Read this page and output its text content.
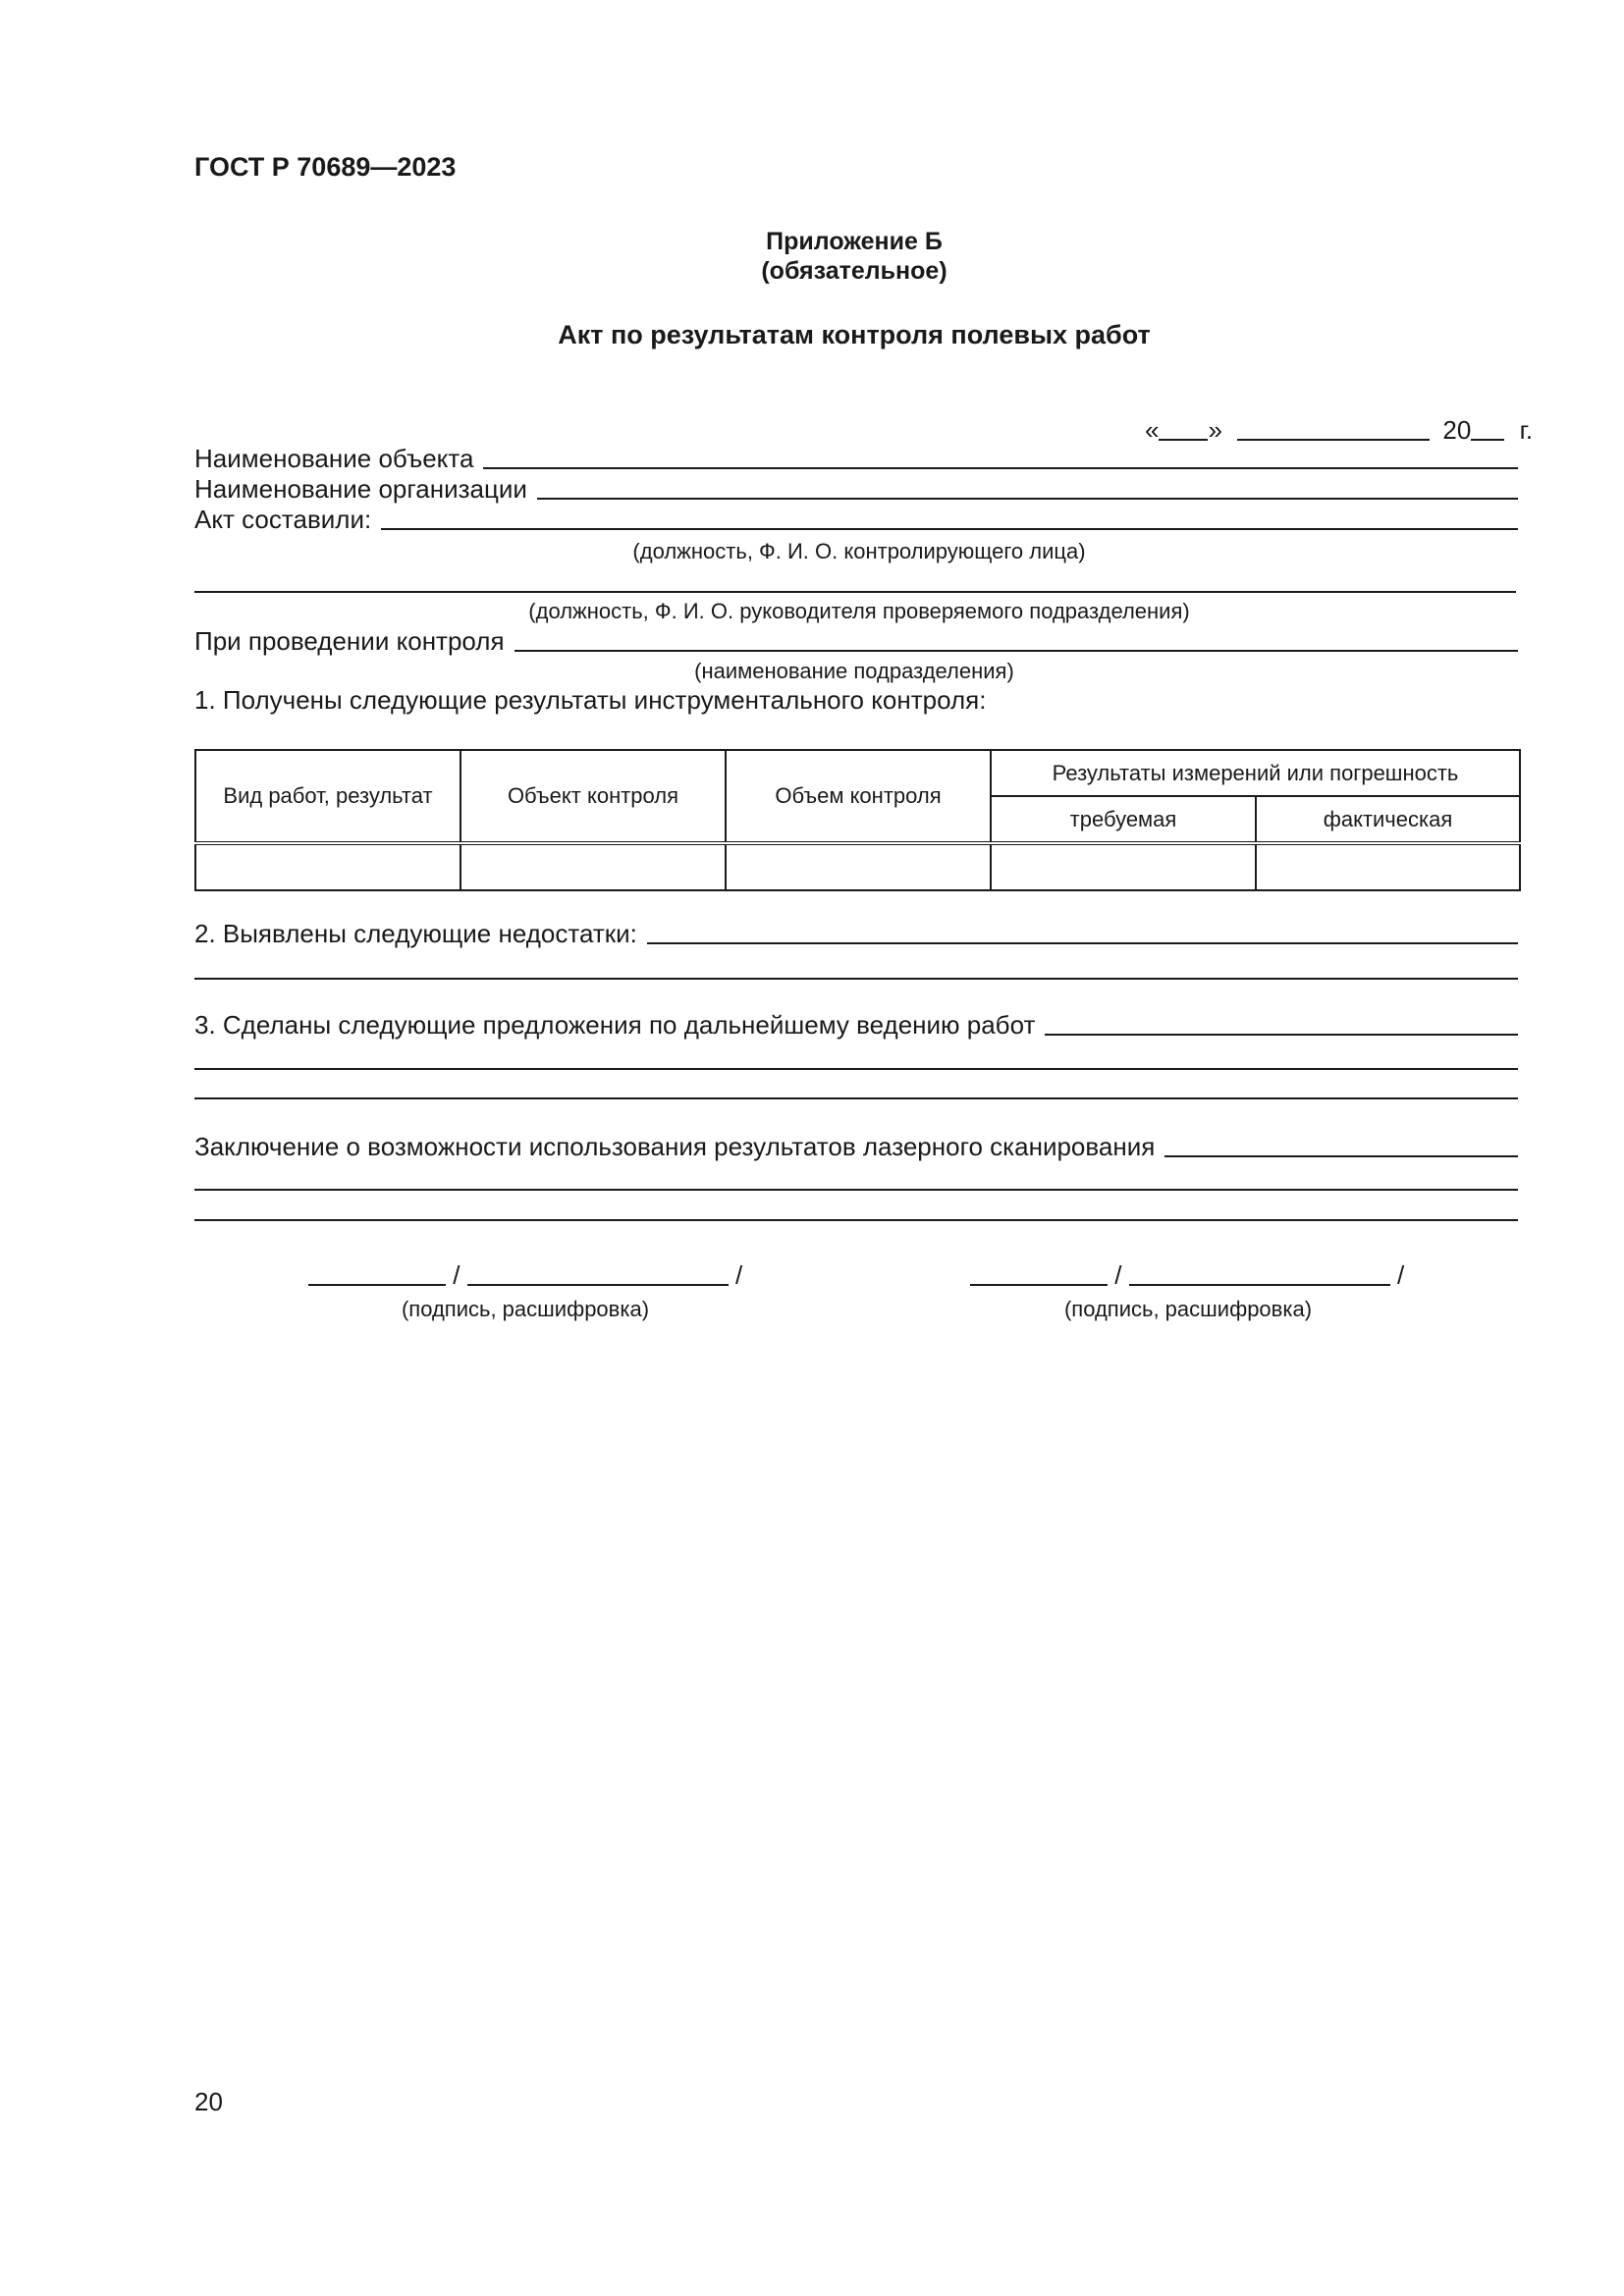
ГОСТ Р 70689—2023
Приложение Б
(обязательное)
Акт по результатам контроля полевых работ
« »	20 г.
Наименование объекта
Наименование организации
Акт составили:
(должность, Ф. И. О. контролирующего лица)
(должность, Ф. И. О. руководителя проверяемого подразделения)
При проведении контроля
(наименование подразделения)
1. Получены следующие результаты инструментального контроля:
Вид работ, результат	Объект контроля	Объем контроля	Результаты измерений или погрешность	
			требуемая	фактическая

2. Выявлены следующие недостатки:
3. Сделаны следующие предложения по дальнейшему ведению работ
Заключение о возможности использования результатов лазерного сканирования
/	/
(подпись, расшифровка)
/	/
(подпись, расшифровка)
20
